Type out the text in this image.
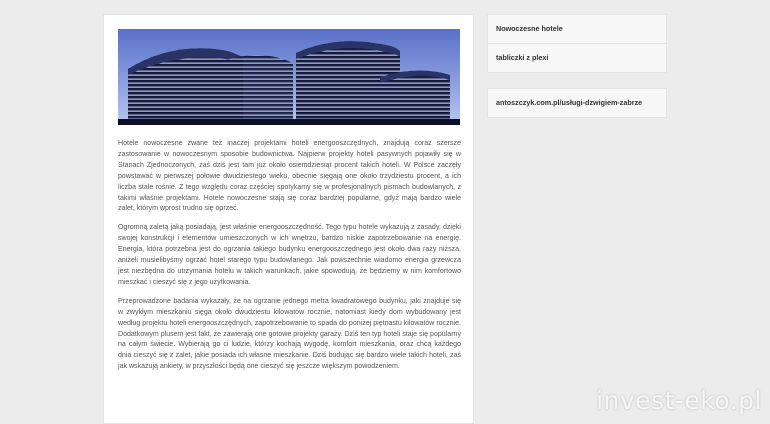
Hotele nowoczesne zwane też inaczej projektami hoteli energooszczędnych, znajdują coraz szersze zastosowanie w nowoczesnym sposobie budownictwa. Najpierw projekty hoteli pasywnych pojawiły się w Stanach Zjednoczonych, zaś dziś jest tam już około osiemdziesiąt procent takich hoteli. W Polsce zaczęły powstawać w pierwszej połowie dwudziestego wieku, obecnie sięgają one około trzydziestu procent, a ich liczba stale rośnie. Z tego względu coraz częściej spotykamy się w profesjonalnych pismach budowlanych, z takimi właśnie projektami. Hotele nowoczesne stają się coraz bardziej popularne, gdyż mają bardzo wiele zalet, którym wprost trudno się oprzeć.

Ogromną zaletą jaką posiadają, jest właśnie energooszczędność. Tego typu hotele wykazują z zasady, dzięki swojej konstrukcji i elementów umieszczonych w ich wnętrzu, bardzo niskie zapotrzebowanie na energię. Energia, która potrzebna jest do ogrzania takiego budynku energooszczędnego jest około dwa razy niższa, aniżeli musielibyśmy ogrzać hotel starego typu budowlanego. Jak powszechnie wiadomo energia grzewcza jest niezbędna do utrzymania hotelu w takich warunkach, jakie spowodują, że będziemy w nim komfortowo mieszkać i cieszyć się z jego użytkowania.

Przeprowadzone badania wykazały, że na ogrzanie jednego metra kwadratowego budynku, jaki znajduje się w zwykłym mieszkaniu sięga około dwudziestu kilowatów rocznie, natomiast kiedy dom wybudowany jest według projektu hoteli energooszczędnych, zapotrzebowanie to spada do poniżej piętnastu kilowatów rocznie. Dodatkowym plusem jest fakt, że zawierają one gotowe projekty garaży. Dziś ten typ hoteli staje się popularny na całym świecie. Wybierają go ci ludzie, którzy kochają wygodę, komfort mieszkania, oraz chcą każdego dnia cieszyć się z zalet, jakie posiada ich własne mieszkanie. Dziś budując się bardzo wiele takich hoteli, zaś jak wskazują ankiety, w przyszłości będą one cieszyć się jeszcze większym powodzeniem.

Nowoczesne hotele
tabliczki z plexi
antoszczyk.com.pl/usługi-dzwigiem-zabrze
invest-eko.pl
